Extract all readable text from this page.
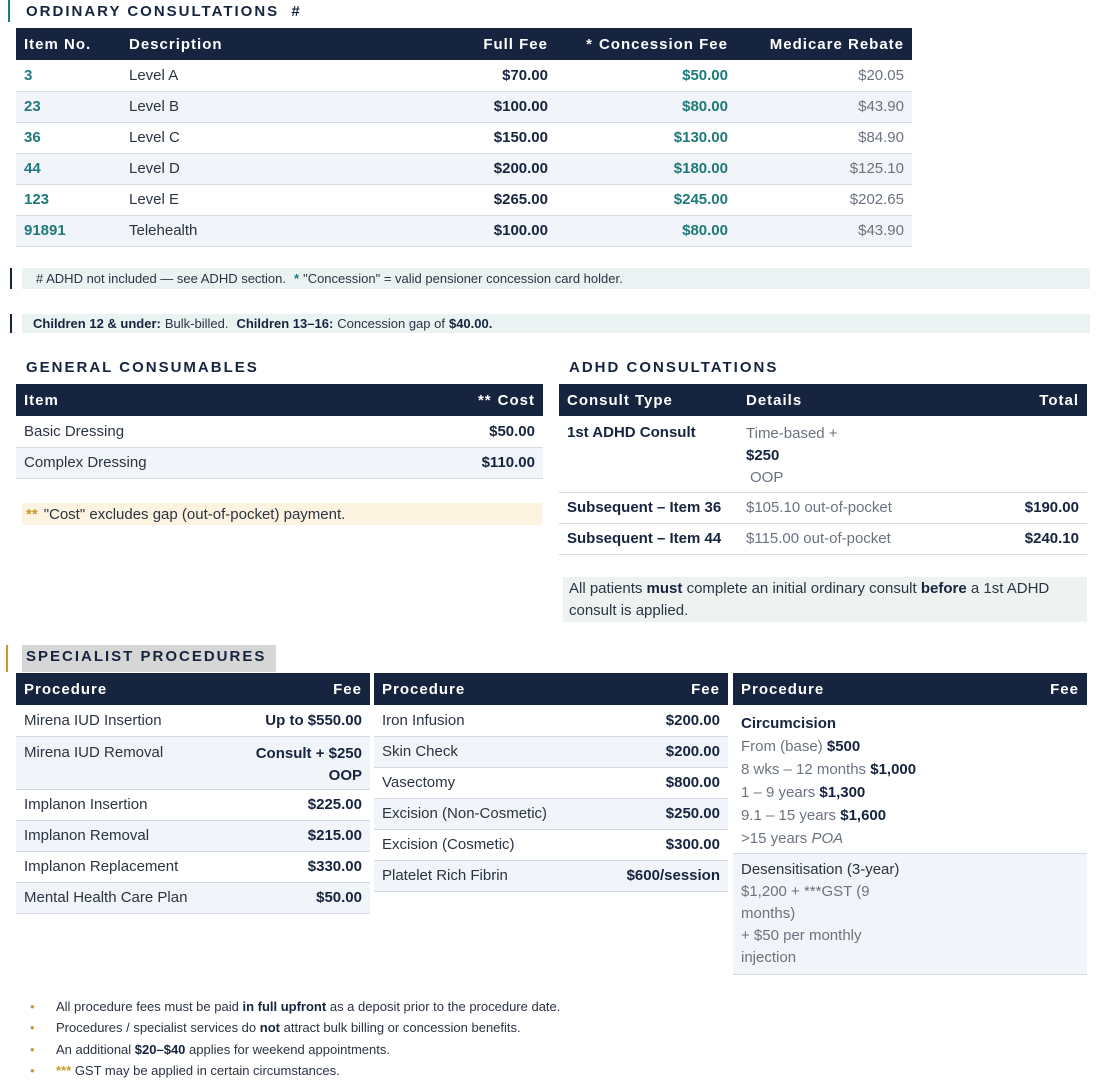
ORDINARY CONSULTATIONS #
Item No.	Description	Full Fee	* Concession Fee	Medicare Rebate
3	Level A	$70.00	$50.00	$20.05
23	Level B	$100.00	$80.00	$43.90
36	Level C	$150.00	$130.00	$84.90
44	Level D	$200.00	$180.00	$125.10
123	Level E	$265.00	$245.00	$202.65
91891	Telehealth	$100.00	$80.00	$43.90
# ADHD not included — see ADHD section. * "Concession" = valid pensioner concession card holder.
Children 12 & under: Bulk-billed. Children 13–16: Concession gap of $40.00.
GENERAL CONSUMABLES
Item	** Cost
Basic Dressing	$50.00
Complex Dressing	$110.00
** "Cost" excludes gap (out-of-pocket) payment.
ADHD CONSULTATIONS
Consult Type	Details	Total
1st ADHD Consult	Time-based +
$250
OOP	

Subsequent – Item 36	$105.10 out-of-pocket	$190.00
Subsequent – Item 44	$115.00 out-of-pocket	$240.10
All patients must complete an initial ordinary consult before a 1st ADHD consult is applied.
SPECIALIST PROCEDURES
Procedure	Fee
Mirena IUD Insertion	Up to $550.00
Mirena IUD Removal	Consult + $250
OOP

Implanon Insertion	$225.00
Implanon Removal	$215.00
Implanon Replacement	$330.00
Mental Health Care Plan	$50.00
Procedure	Fee
Iron Infusion	$200.00
Skin Check	$200.00
Vasectomy	$800.00
Excision (Non-Cosmetic)	$250.00
Excision (Cosmetic)	$300.00
Platelet Rich Fibrin	$600/session
Procedure	Fee

Circumcision
From (base) $500
8 wks – 12 months $1,000
1 – 9 years $1,300
9.1 – 15 years $1,600
>15 years POA

Desensitisation (3-year)
$1,200 + ***GST (9
months)
+ $50 per monthly
injection
• All procedure fees must be paid in full upfront as a deposit prior to the procedure date.
• Procedures / specialist services do not attract bulk billing or concession benefits.
• An additional $20–$40 applies for weekend appointments.
• *** GST may be applied in certain circumstances.
